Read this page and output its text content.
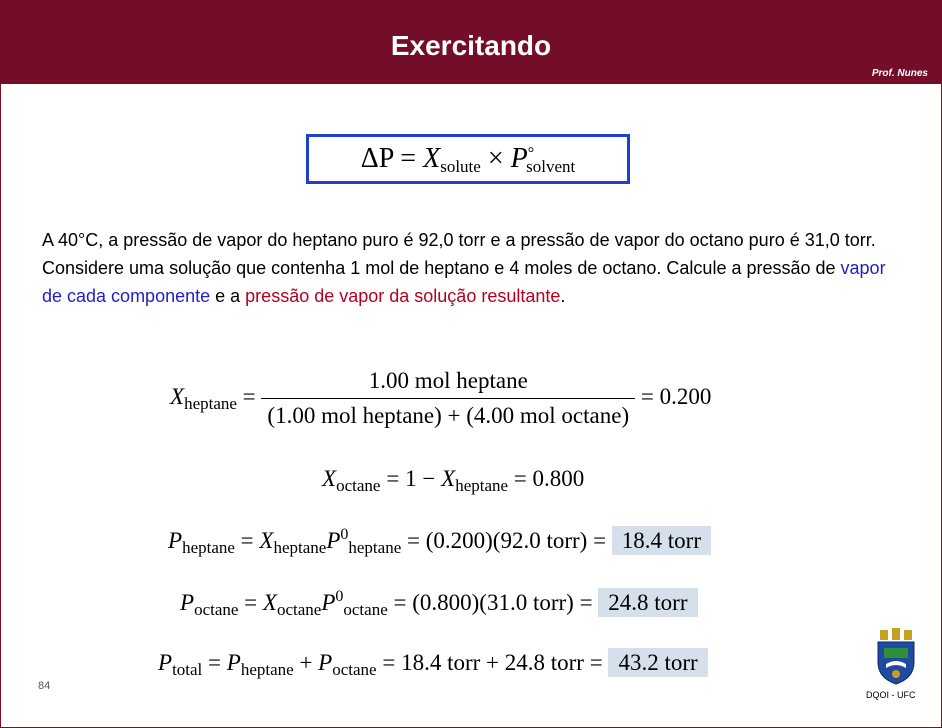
Exercitando
Prof. Nunes
$\Delta P = X_{solute} \times P^\circ_{solvent}$
A 40°C, a pressão de vapor do heptano puro é 92,0 torr e a pressão de vapor do octano puro é 31,0 torr. Considere uma solução que contenha 1 mol de heptano e 4 moles de octano. Calcule a pressão de vapor de cada componente e a pressão de vapor da solução resultante.
$X_{heptane} = \frac{\text{1.00 mol heptane}}{\text{(1.00 mol heptane) + (4.00 mol octane)}} = 0.200$
$X_{octane} = 1 - X_{heptane} = 0.800$
$P_{heptane} = X_{heptane}P^0_{heptane} = (0.200)(92.0$ torr) = 18.4 torr
$P_{octane} = X_{octane}P^0_{octane} = (0.800)(31.0$ torr) = 24.8 torr
$P_{total} = P_{heptane} + P_{octane} = 18.4$ torr + 24.8 torr = 43.2 torr
84
DQOI - UFC
